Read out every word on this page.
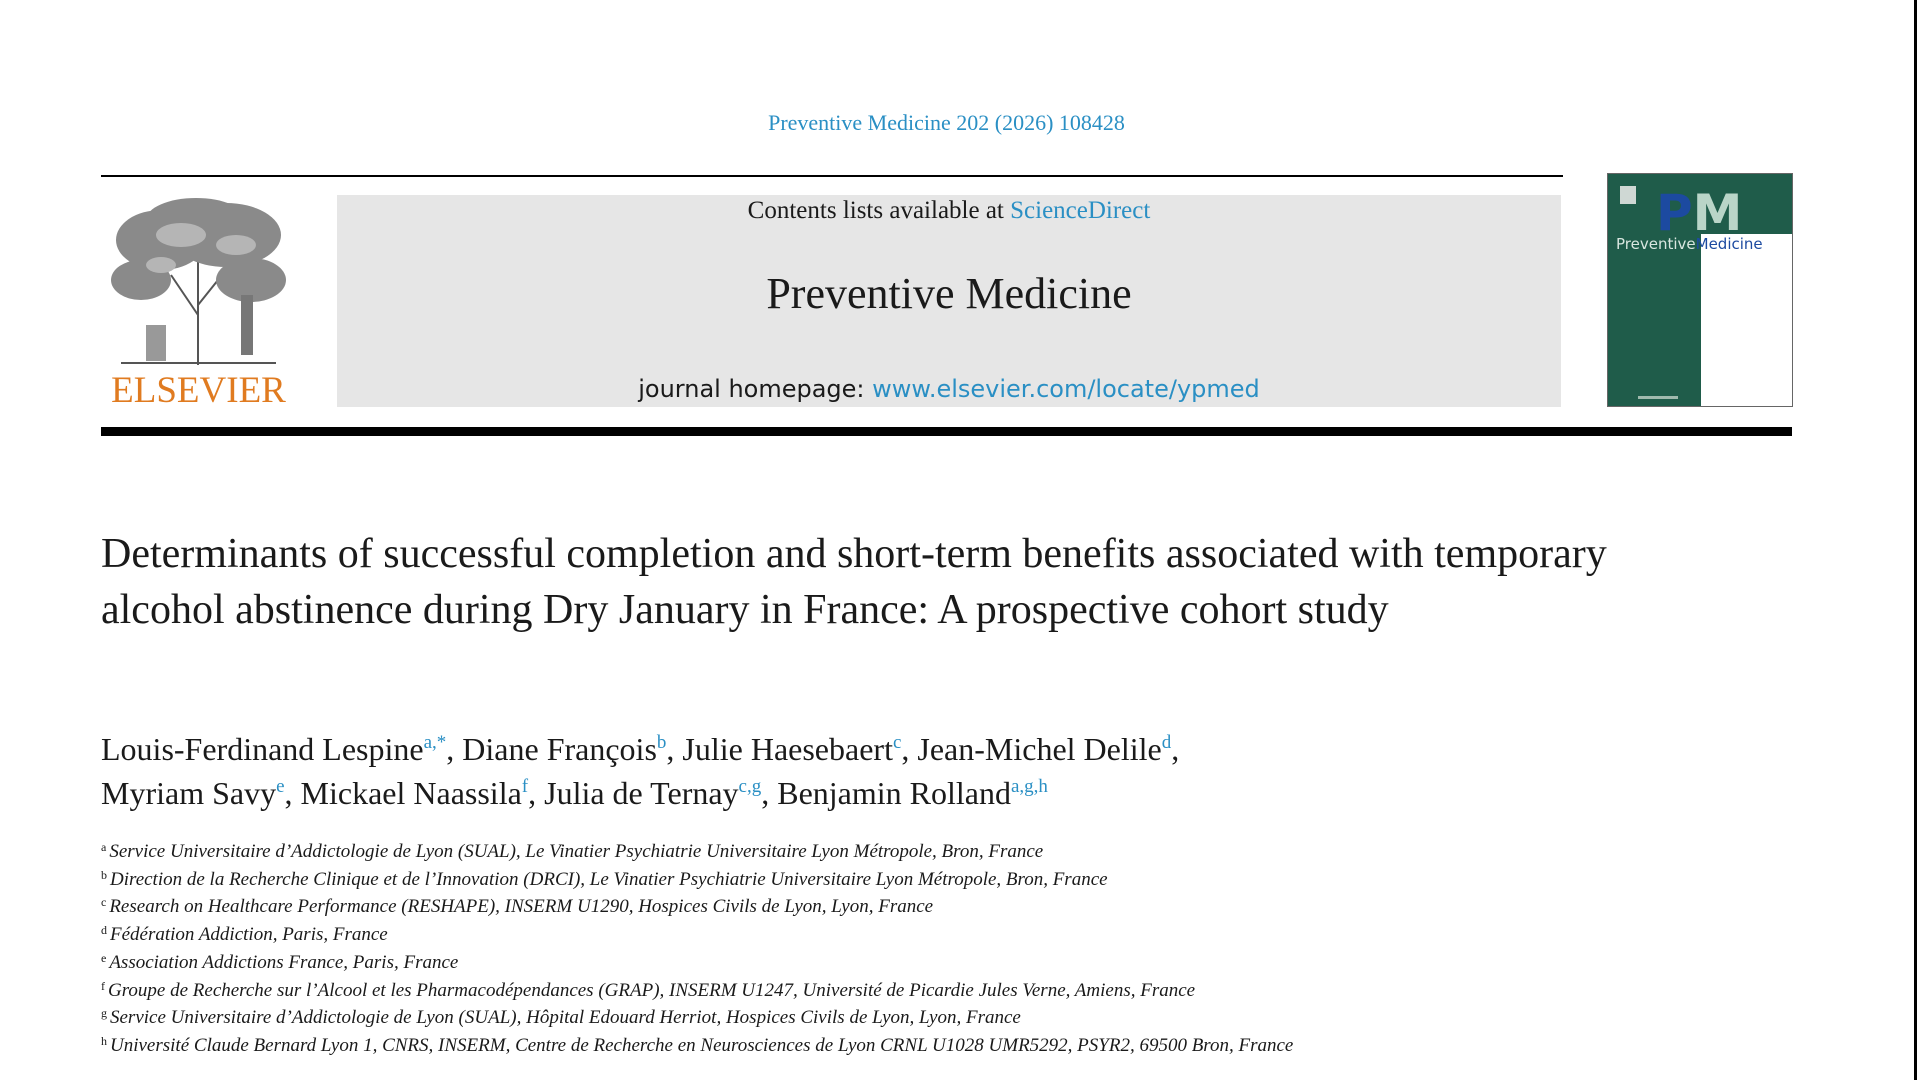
Preventive Medicine 202 (2026) 108428
ELSEVIER
Contents lists available at ScienceDirect
Preventive Medicine
journal homepage: www.elsevier.com/locate/ypmed
PM
PreventiveMedicine
Determinants of successful completion and short-term benefits associated with temporary alcohol abstinence during Dry January in France: A prospective cohort study
Louis-Ferdinand Lespine$^{a,*}$, Diane François$^b$, Julie Haesebaert$^c$, Jean-Michel Delile$^d$,
Myriam Savy$^e$, Mickael Naassila$^f$, Julia de Ternay$^{c,g}$, Benjamin Rolland$^{a,g,h}$
$^a$ Service Universitaire d’Addictologie de Lyon (SUAL), Le Vinatier Psychiatrie Universitaire Lyon Métropole, Bron, France
$^b$ Direction de la Recherche Clinique et de l’Innovation (DRCI), Le Vinatier Psychiatrie Universitaire Lyon Métropole, Bron, France
$^c$ Research on Healthcare Performance (RESHAPE), INSERM U1290, Hospices Civils de Lyon, Lyon, France
$^d$ Fédération Addiction, Paris, France
$^e$ Association Addictions France, Paris, France
$^f$ Groupe de Recherche sur l’Alcool et les Pharmacodépendances (GRAP), INSERM U1247, Université de Picardie Jules Verne, Amiens, France
$^g$ Service Universitaire d’Addictologie de Lyon (SUAL), Hôpital Edouard Herriot, Hospices Civils de Lyon, Lyon, France
$^h$ Université Claude Bernard Lyon 1, CNRS, INSERM, Centre de Recherche en Neurosciences de Lyon CRNL U1028 UMR5292, PSYR2, 69500 Bron, France
